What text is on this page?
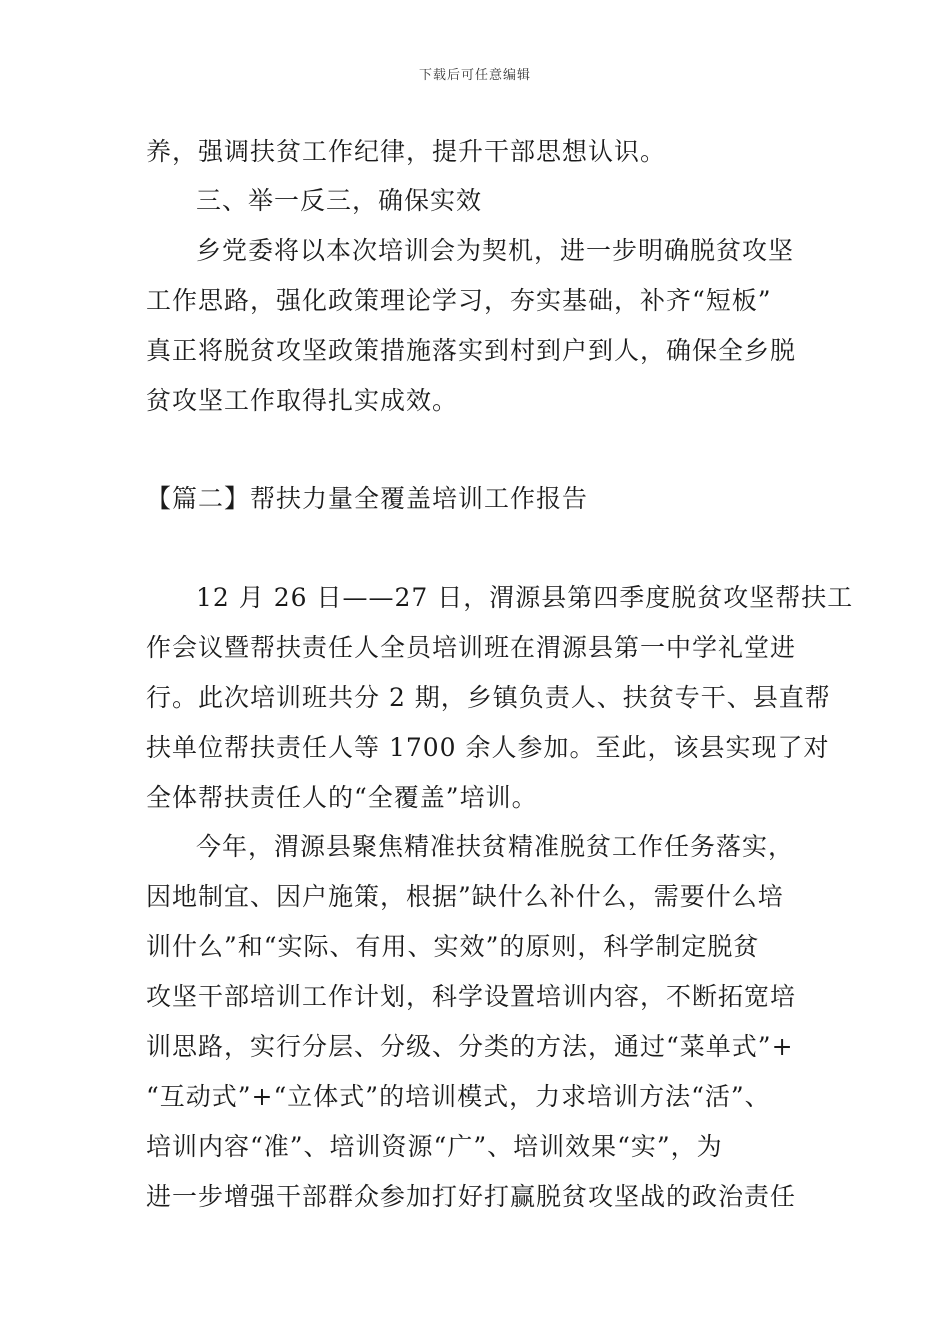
下载后可任意编辑
养，强调扶贫工作纪律，提升干部思想认识。
三、举一反三，确保实效
乡党委将以本次培训会为契机，进一步明确脱贫攻坚
工作思路，强化政策理论学习，夯实基础，补齐“短板”
真正将脱贫攻坚政策措施落实到村到户到人，确保全乡脱
贫攻坚工作取得扎实成效。
【篇二】帮扶力量全覆盖培训工作报告
12 月 26 日——27 日，渭源县第四季度脱贫攻坚帮扶工
作会议暨帮扶责任人全员培训班在渭源县第一中学礼堂进
行。此次培训班共分 2 期，乡镇负责人、扶贫专干、县直帮
扶单位帮扶责任人等 1700 余人参加。至此，该县实现了对
全体帮扶责任人的“全覆盖”培训。
今年，渭源县聚焦精准扶贫精准脱贫工作任务落实，
因地制宜、因户施策，根据”缺什么补什么，需要什么培
训什么”和“实际、有用、实效”的原则，科学制定脱贫
攻坚干部培训工作计划，科学设置培训内容，不断拓宽培
训思路，实行分层、分级、分类的方法，通过“菜单式”+
“互动式”+“立体式”的培训模式，力求培训方法“活”、
培训内容“准”、培训资源“广”、培训效果“实”，为
进一步增强干部群众参加打好打赢脱贫攻坚战的政治责任
